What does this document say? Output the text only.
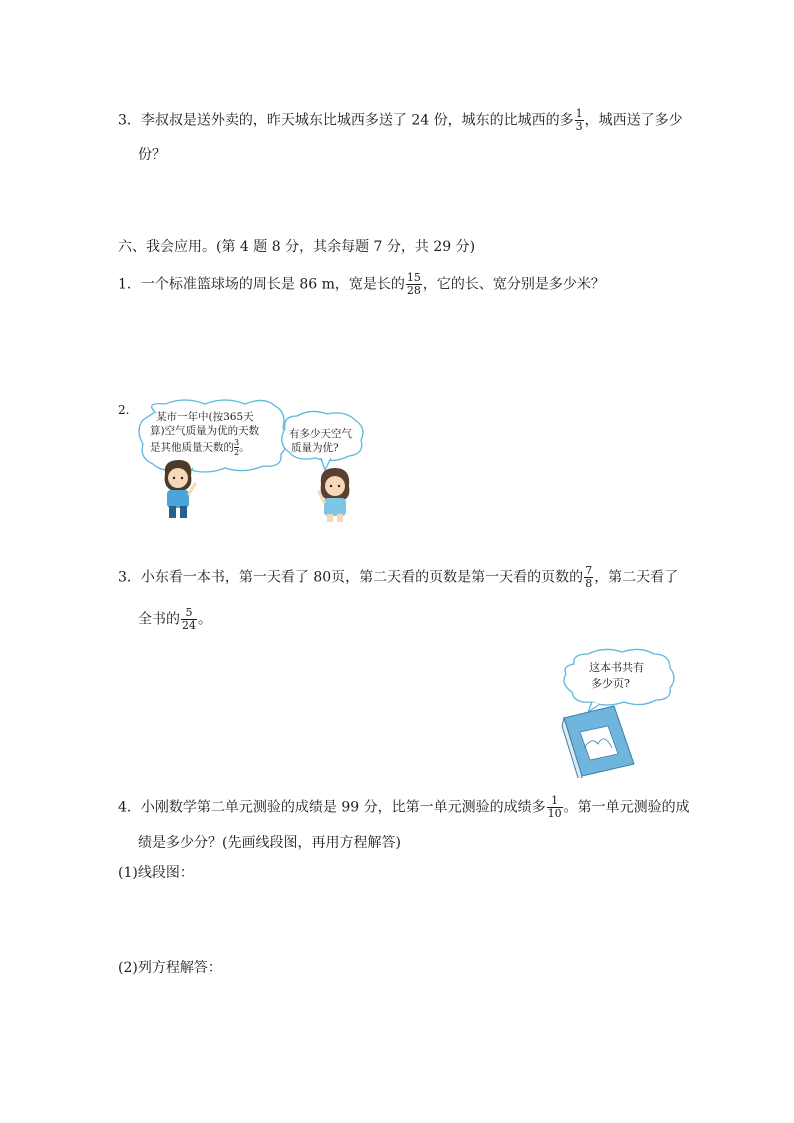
3．李叔叔是送外卖的，昨天城东比城西多送了 24 份，城东的比城西的多 $\frac{1}{3}$ ，城西送了多少
份？
六、我会应用。(第 4 题 8 分，其余每题 7 分，共 29 分)
1．一个标准篮球场的周长是 86 m，宽是长的 $\frac{15}{28}$ ，它的长、宽分别是多少米？
2.	某市一年中(按365天
算)空气质量为优的天数
是其他质量天数的 $\frac{3}{2}$ 。
有多少天空气
质量为优?
3．小东看一本书，第一天看了 80页，第二天看的页数是第一天看的页数的 $\frac{7}{8}$ ，第二天看了
全书的 $\frac{5}{24}$ 。
这本书共有
多少页?
4．小刚数学第二单元测验的成绩是 99 分，比第一单元测验的成绩多 $\frac{1}{10}$ 。第一单元测验的成
绩是多少分？(先画线段图，再用方程解答)
(1)线段图：
(2)列方程解答：
